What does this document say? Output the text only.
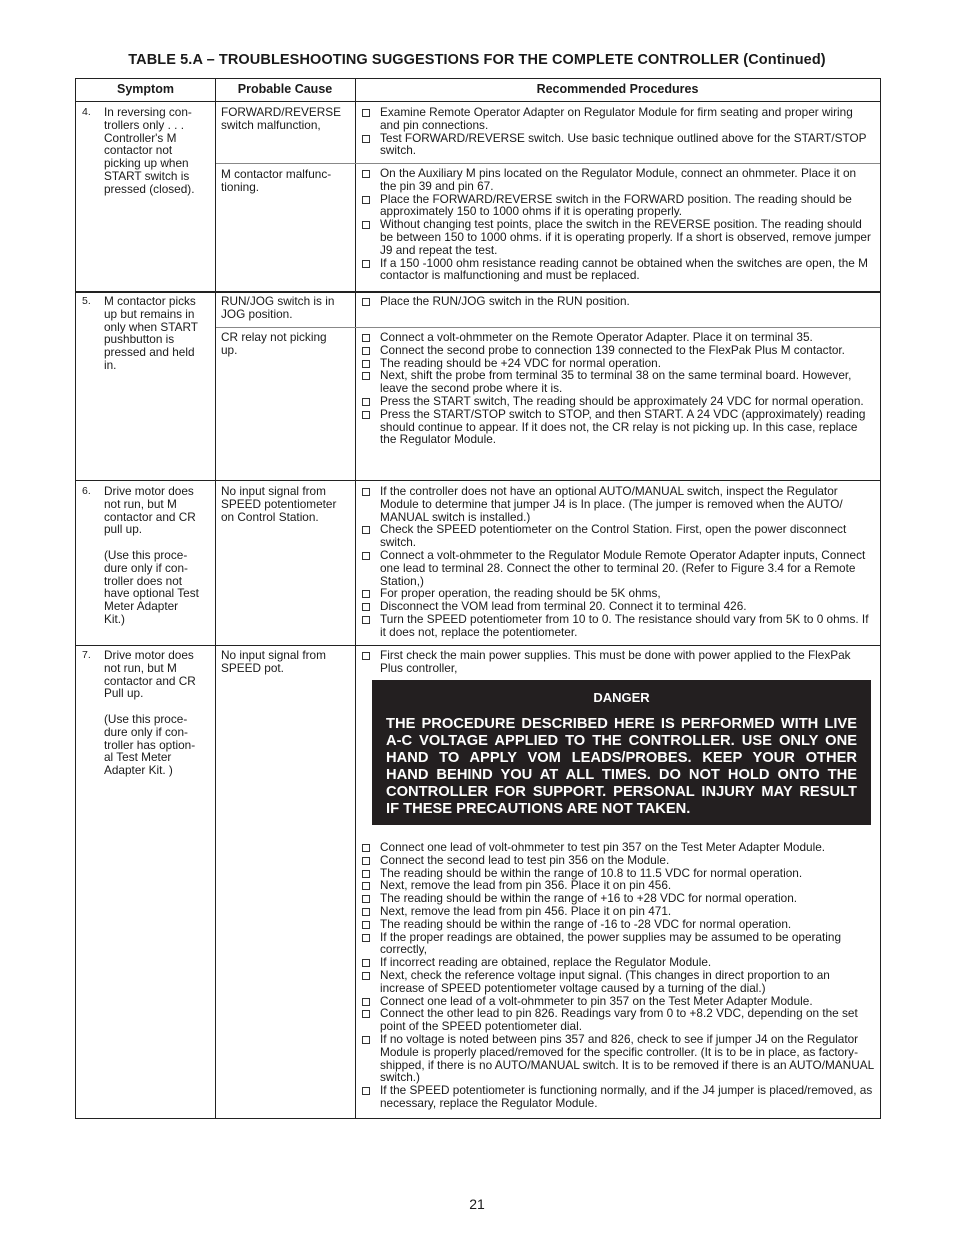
TABLE 5.A – TROUBLESHOOTING SUGGESTIONS FOR THE COMPLETE CONTROLLER (Continued)
Symptom	Probable Cause	Recommended Procedures
4. In reversing con-
trollers only . . .
Controller's M
contactor not
picking up when
START switch is
pressed (closed).
FORWARD/REVERSE
switch malfunction,
Examine Remote Operator Adapter on Regulator Module for firm seating and proper wiring and pin connections.
Test FORWARD/REVERSE switch. Use basic technique outlined above for the START/STOP switch.
M contactor malfunc-
tioning.
On the Auxiliary M pins located on the Regulator Module, connect an ohmmeter. Place it on the pin 39 and pin 67.
Place the FORWARD/REVERSE switch in the FORWARD position. The reading should be approximately 150 to 1000 ohms if it is operating properly.
Without changing test points, place the switch in the REVERSE position. The reading should be between 150 to 1000 ohms. if it is operating properly. If a short is observed, remove jumper J9 and repeat the test.
If a 150 -1000 ohm resistance reading cannot be obtained when the switches are open, the M contactor is malfunctioning and must be replaced.
5. M contactor picks
up but remains in
only when START
pushbutton is
pressed and held
in.
RUN/JOG switch is in
JOG position.
Place the RUN/JOG switch in the RUN position.
CR relay not picking
up.
Connect a volt-ohmmeter on the Remote Operator Adapter. Place it on terminal 35.
Connect the second probe to connection 139 connected to the FlexPak Plus M contactor.
The reading should be +24 VDC for normal operation.
Next, shift the probe from terminal 35 to terminal 38 on the same terminal board. However, leave the second probe where it is.
Press the START switch, The reading should be approximately 24 VDC for normal operation.
Press the START/STOP switch to STOP, and then START. A 24 VDC (approximately) reading should continue to appear. If it does not, the CR relay is not picking up. In this case, replace the Regulator Module.
6. Drive motor does
not run, but M
contactor and CR
pull up.

(Use this proce-
dure only if con-
troller does not
have optional Test
Meter Adapter
Kit.)
No input signal from
SPEED potentiometer
on Control Station.
If the controller does not have an optional AUTO/MANUAL switch, inspect the Regulator Module to determine that jumper J4 is In place. (The jumper is removed when the AUTO/ MANUAL switch is installed.)
Check the SPEED potentiometer on the Control Station. First, open the power disconnect switch.
Connect a volt-ohmmeter to the Regulator Module Remote Operator Adapter inputs, Connect one lead to terminal 28. Connect the other to terminal 20. (Refer to Figure 3.4 for a Remote Station,)
For proper operation, the reading should be 5K ohms,
Disconnect the VOM lead from terminal 20. Connect it to terminal 426.
Turn the SPEED potentiometer from 10 to 0. The resistance should vary from 5K to 0 ohms. If it does not, replace the potentiometer.
7. Drive motor does
not run, but M
contactor and CR
Pull up.

(Use this proce-
dure only if con-
troller has option-
al Test Meter
Adapter Kit. )
No input signal from
SPEED pot.
First check the main power supplies. This must be done with power applied to the FlexPak Plus controller,
DANGER
THE PROCEDURE DESCRIBED HERE IS PERFORMED WITH LIVE A-C VOLTAGE APPLIED TO THE CONTROLLER. USE ONLY ONE HAND TO APPLY VOM LEADS/PROBES. KEEP YOUR OTHER HAND BEHIND YOU AT ALL TIMES. DO NOT HOLD ONTO THE CONTROLLER FOR SUPPORT. PERSONAL INJURY MAY RESULT IF THESE PRECAUTIONS ARE NOT TAKEN.
Connect one lead of volt-ohmmeter to test pin 357 on the Test Meter Adapter Module.
Connect the second lead to test pin 356 on the Module.
The reading should be within the range of 10.8 to 11.5 VDC for normal operation.
Next, remove the lead from pin 356. Place it on pin 456.
The reading should be within the range of +16 to +28 VDC for normal operation.
Next, remove the lead from pin 456. Place it on pin 471.
The reading should be within the range of -16 to -28 VDC for normal operation.
If the proper readings are obtained, the power supplies may be assumed to be operating correctly,
If incorrect reading are obtained, replace the Regulator Module.
Next, check the reference voltage input signal. (This changes in direct proportion to an increase of SPEED potentiometer voltage caused by a turning of the dial.)
Connect one lead of a volt-ohmmeter to pin 357 on the Test Meter Adapter Module.
Connect the other lead to pin 826. Readings vary from 0 to +8.2 VDC, depending on the set point of the SPEED potentiometer dial.
If no voltage is noted between pins 357 and 826, check to see if jumper J4 on the Regulator Module is properly placed/removed for the specific controller. (It is to be in place, as factory-shipped, if there is no AUTO/MANUAL switch. It is to be removed if there is an AUTO/MANUAL switch.)
If the SPEED potentiometer is functioning normally, and if the J4 jumper is placed/removed, as necessary, replace the Regulator Module.
21
